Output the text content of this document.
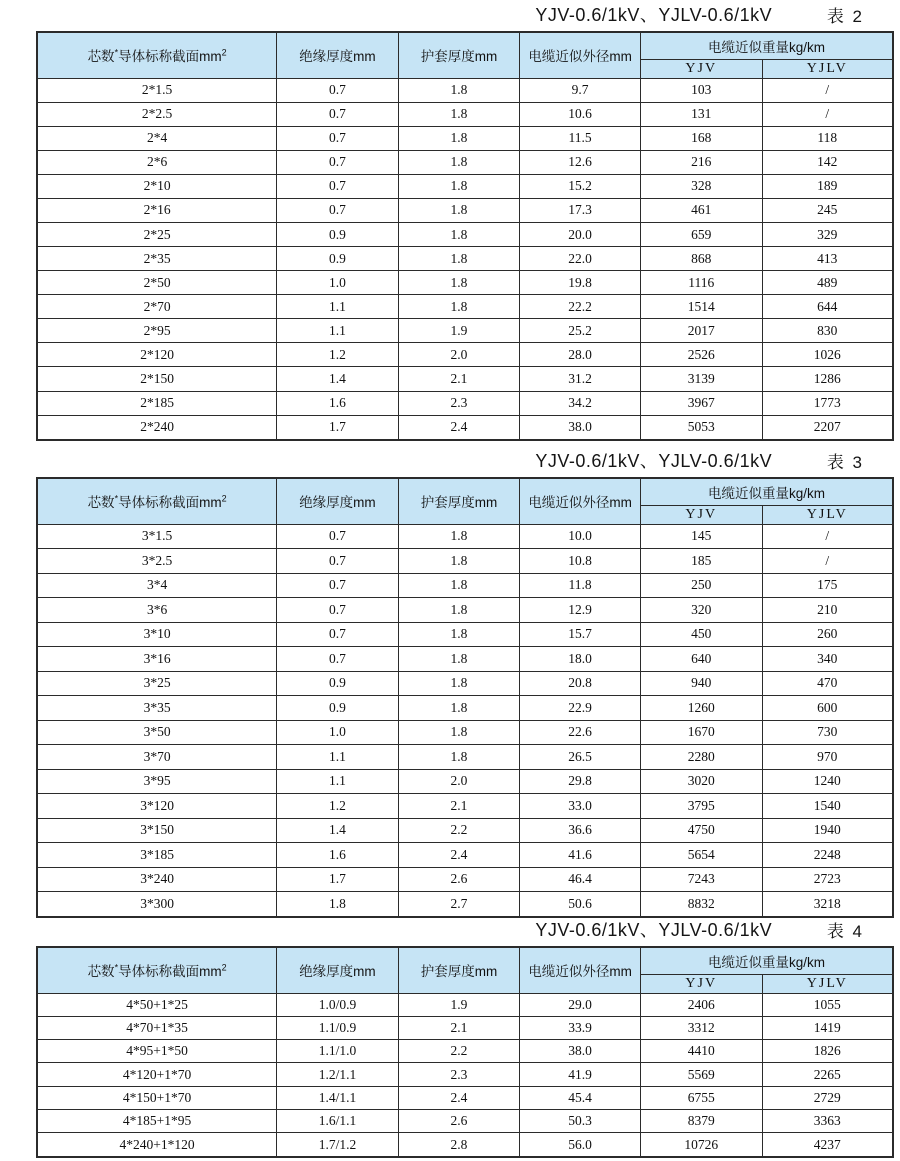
YJV-0.6/1kV、YJLV-0.6/1kV	表 2
芯数*导体标称截面$mm^2$	绝缘厚度mm	护套厚度mm	电缆近似外径mm	电缆近似重量kg/km	
				YJV	YJLV
2*1.5	0.7	1.8	9.7	103	/
2*2.5	0.7	1.8	10.6	131	/
2*4	0.7	1.8	11.5	168	118
2*6	0.7	1.8	12.6	216	142
2*10	0.7	1.8	15.2	328	189
2*16	0.7	1.8	17.3	461	245
2*25	0.9	1.8	20.0	659	329
2*35	0.9	1.8	22.0	868	413
2*50	1.0	1.8	19.8	1116	489
2*70	1.1	1.8	22.2	1514	644
2*95	1.1	1.9	25.2	2017	830
2*120	1.2	2.0	28.0	2526	1026
2*150	1.4	2.1	31.2	3139	1286
2*185	1.6	2.3	34.2	3967	1773
2*240	1.7	2.4	38.0	5053	2207
YJV-0.6/1kV、YJLV-0.6/1kV	表 3
芯数*导体标称截面$mm^2$	绝缘厚度mm	护套厚度mm	电缆近似外径mm	电缆近似重量kg/km	
				YJV	YJLV
3*1.5	0.7	1.8	10.0	145	/
3*2.5	0.7	1.8	10.8	185	/
3*4	0.7	1.8	11.8	250	175
3*6	0.7	1.8	12.9	320	210
3*10	0.7	1.8	15.7	450	260
3*16	0.7	1.8	18.0	640	340
3*25	0.9	1.8	20.8	940	470
3*35	0.9	1.8	22.9	1260	600
3*50	1.0	1.8	22.6	1670	730
3*70	1.1	1.8	26.5	2280	970
3*95	1.1	2.0	29.8	3020	1240
3*120	1.2	2.1	33.0	3795	1540
3*150	1.4	2.2	36.6	4750	1940
3*185	1.6	2.4	41.6	5654	2248
3*240	1.7	2.6	46.4	7243	2723
3*300	1.8	2.7	50.6	8832	3218
YJV-0.6/1kV、YJLV-0.6/1kV	表 4
芯数*导体标称截面$mm^2$	绝缘厚度mm	护套厚度mm	电缆近似外径mm	电缆近似重量kg/km	
				YJV	YJLV
4*50+1*25	1.0/0.9	1.9	29.0	2406	1055
4*70+1*35	1.1/0.9	2.1	33.9	3312	1419
4*95+1*50	1.1/1.0	2.2	38.0	4410	1826
4*120+1*70	1.2/1.1	2.3	41.9	5569	2265
4*150+1*70	1.4/1.1	2.4	45.4	6755	2729
4*185+1*95	1.6/1.1	2.6	50.3	8379	3363
4*240+1*120	1.7/1.2	2.8	56.0	10726	4237
